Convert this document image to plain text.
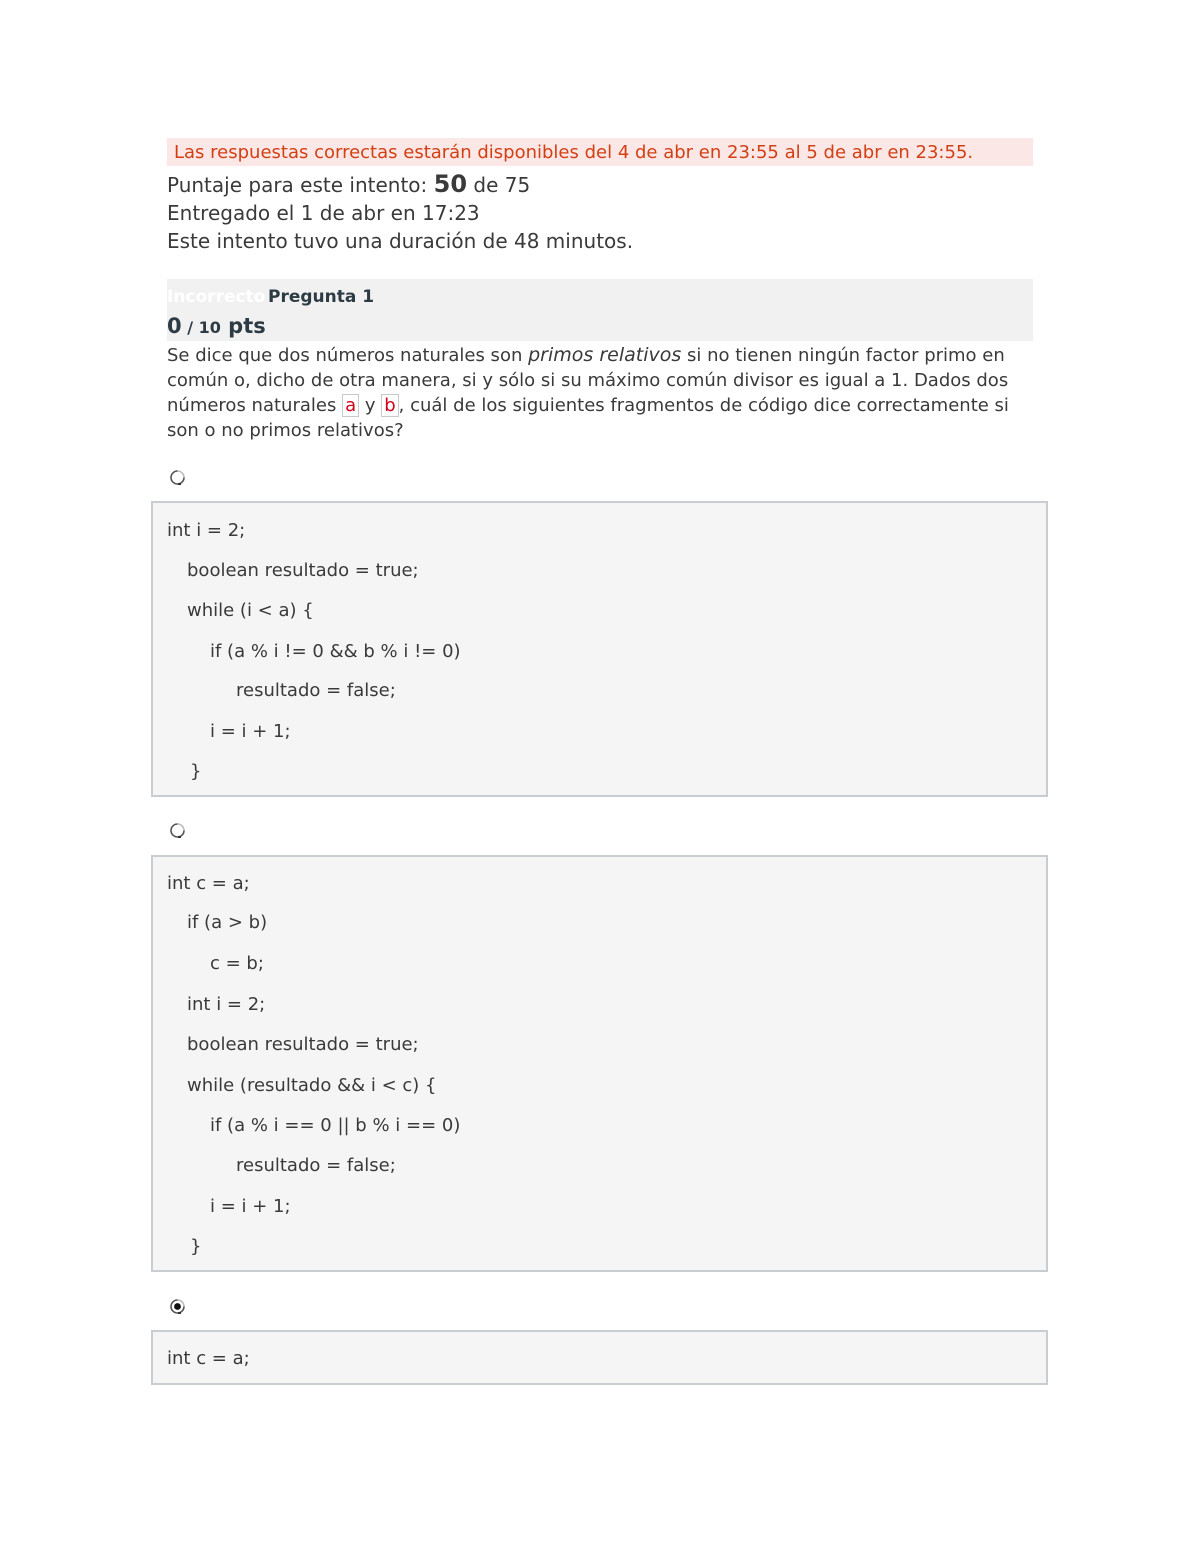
Las respuestas correctas estarán disponibles del 4 de abr en 23:55 al 5 de abr en 23:55.
Puntaje para este intento: 50 de 75
Entregado el 1 de abr en 17:23
Este intento tuvo una duración de 48 minutos.
Incorrecto Pregunta 1
0 / 10 pts
Se dice que dos números naturales son primos relativos si no tienen ningún factor primo en común o, dicho de otra manera, si y sólo si su máximo común divisor es igual a 1. Dados dos números naturales a y b , cuál de los siguientes fragmentos de código dice correctamente si son o no primos relativos?
int i = 2;
boolean resultado = true;
while (i < a) {
if (a % i != 0 && b % i != 0)
resultado = false;
i = i + 1;
}
int c = a;
if (a > b)
c = b;
int i = 2;
boolean resultado = true;
while (resultado && i < c) {
if (a % i == 0 || b % i == 0)
resultado = false;
i = i + 1;
}
int c = a;
